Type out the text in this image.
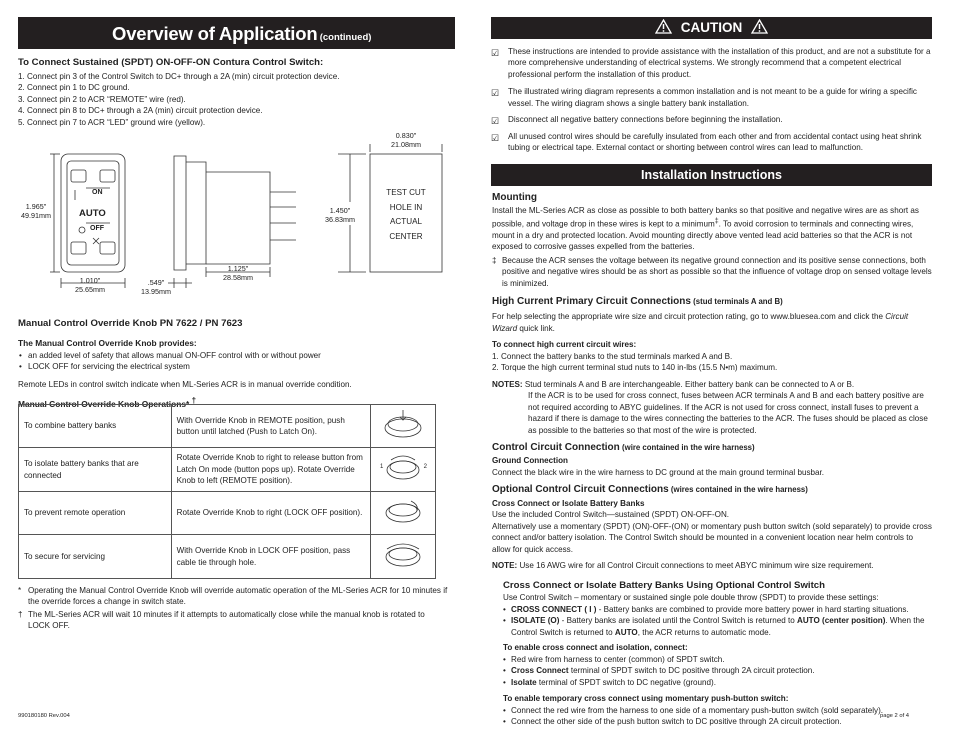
Overview of Application (continued)
To Connect Sustained (SPDT) ON-OFF-ON Contura Control Switch:
1. Connect pin 3 of the Control Switch to DC+ through a 2A (min) circuit protection device.
2. Connect pin 1 to DC ground.
3. Connect pin 2 to ACR “REMOTE” wire (red).
4. Connect pin 8 to DC+ through a 2A (min) circuit protection device.
5. Connect pin 7 to ACR “LED” ground wire (yellow).
ON
AUTO
OFF
1.965"
49.91mm
1.010"
25.65mm
.549"
13.95mm
1.125"
28.58mm
1.450"
36.83mm
0.830"
21.08mm
TEST CUT
HOLE IN
ACTUAL
CENTER
Manual Control Override Knob PN 7622 / PN 7623
The Manual Control Override Knob provides:
• an added level of safety that allows manual ON-OFF control with or without power
• LOCK OFF for servicing the electrical system
Remote LEDs in control switch indicate when ML-Series ACR is in manual override condition.
Manual Control Override Knob Operations* †
To combine battery banks	With Override Knob in REMOTE position, push button until latched (Push to Latch On).	
To isolate battery banks that are connected	Rotate Override Knob to right to release button from Latch On mode (button pops up). Rotate Override Knob to left (REMOTE position).	1 2

To prevent remote operation	Rotate Override Knob to right (LOCK OFF position).	
To secure for servicing	With Override Knob in LOCK OFF position, pass cable tie through hole.	
* Operating the Manual Control Override Knob will override automatic operation of the ML-Series ACR for 10 minutes if the override forces a change in switch state.
† The ML-Series ACR will wait 10 minutes if it attempts to automatically close while the manual knob is rotated to LOCK OFF.
990180180 Rev.004
CAUTION
☑ These instructions are intended to provide assistance with the installation of this product, and are not a substitute for a more comprehensive understanding of electrical systems. We strongly recommend that a competent electrical professional perform the installation of this product.
☑ The illustrated wiring diagram represents a common installation and is not meant to be a guide for wiring a specific vessel. The wiring diagram shows a single battery bank installation.
☑ Disconnect all negative battery connections before beginning the installation.
☑ All unused control wires should be carefully insulated from each other and from accidental contact using heat shrink tubing or electrical tape. External contact or shorting between control wires can lead to malfunction.
Installation Instructions
Mounting
Install the ML-Series ACR as close as possible to both battery banks so that positive and negative wires are as short as possible, and voltage drop in these wires is kept to a minimum‡. To avoid corrosion to terminals and connecting wires, mount in a dry and protected location. Avoid mounting directly above vented lead acid batteries so that the ACR is not exposed to corrosive gasses expelled from the batteries.
‡ Because the ACR senses the voltage between its negative ground connection and its positive sense connections, both positive and negative wires should be as short as possible so that the influence of voltage drop on sensed voltage levels is minimized.
High Current Primary Circuit Connections (stud terminals A and B)
For help selecting the appropriate wire size and circuit protection rating, go to www.bluesea.com and click the Circuit Wizard quick link.
To connect high current circuit wires:
1. Connect the battery banks to the stud terminals marked A and B.
2. Torque the high current terminal stud nuts to 140 in-lbs (15.5 N•m) maximum.
NOTES: Stud terminals A and B are interchangeable. Either battery bank can be connected to A or B.
If the ACR is to be used for cross connect, fuses between ACR terminals A and B and each battery positive are not required according to ABYC guidelines. If the ACR is not used for cross connect, install fuses to prevent a hazard if there is damage to the wires connecting the batteries to the ACR. The fuses should be placed as close as possible to the batteries so that most of the wire is protected.
Control Circuit Connection (wire contained in the wire harness)
Ground Connection
Connect the black wire in the wire harness to DC ground at the main ground terminal busbar.
Optional Control Circuit Connections (wires contained in the wire harness)
Cross Connect or Isolate Battery Banks
Use the included Control Switch—sustained (SPDT) ON-OFF-ON.
Alternatively use a momentary (SPDT) (ON)-OFF-(ON) or momentary push button switch (sold separately) to provide cross connect and/or battery isolation. The Control Switch should be mounted in a convenient location near helm controls to allow for quick access.
NOTE: Use 16 AWG wire for all Control Circuit connections to meet ABYC minimum wire size requirement.
Cross Connect or Isolate Battery Banks Using Optional Control Switch
Use Control Switch – momentary or sustained single pole double throw (SPDT) to provide these settings:
• CROSS CONNECT ( I ) - Battery banks are combined to provide more battery power in hard starting situations.
• ISOLATE (O) - Battery banks are isolated until the Control Switch is returned to AUTO (center position). When the Control Switch is returned to AUTO, the ACR returns to automatic mode.
To enable cross connect and isolation, connect:
• Red wire from harness to center (common) of SPDT switch.
• Cross Connect terminal of SPDT switch to DC positive through 2A circuit protection.
• Isolate terminal of SPDT switch to DC negative (ground).
To enable temporary cross connect using momentary push-button switch:
• Connect the red wire from the harness to one side of a momentary push-button switch (sold separately).
• Connect the other side of the push button switch to DC positive through 2A circuit protection.
page 2 of 4
